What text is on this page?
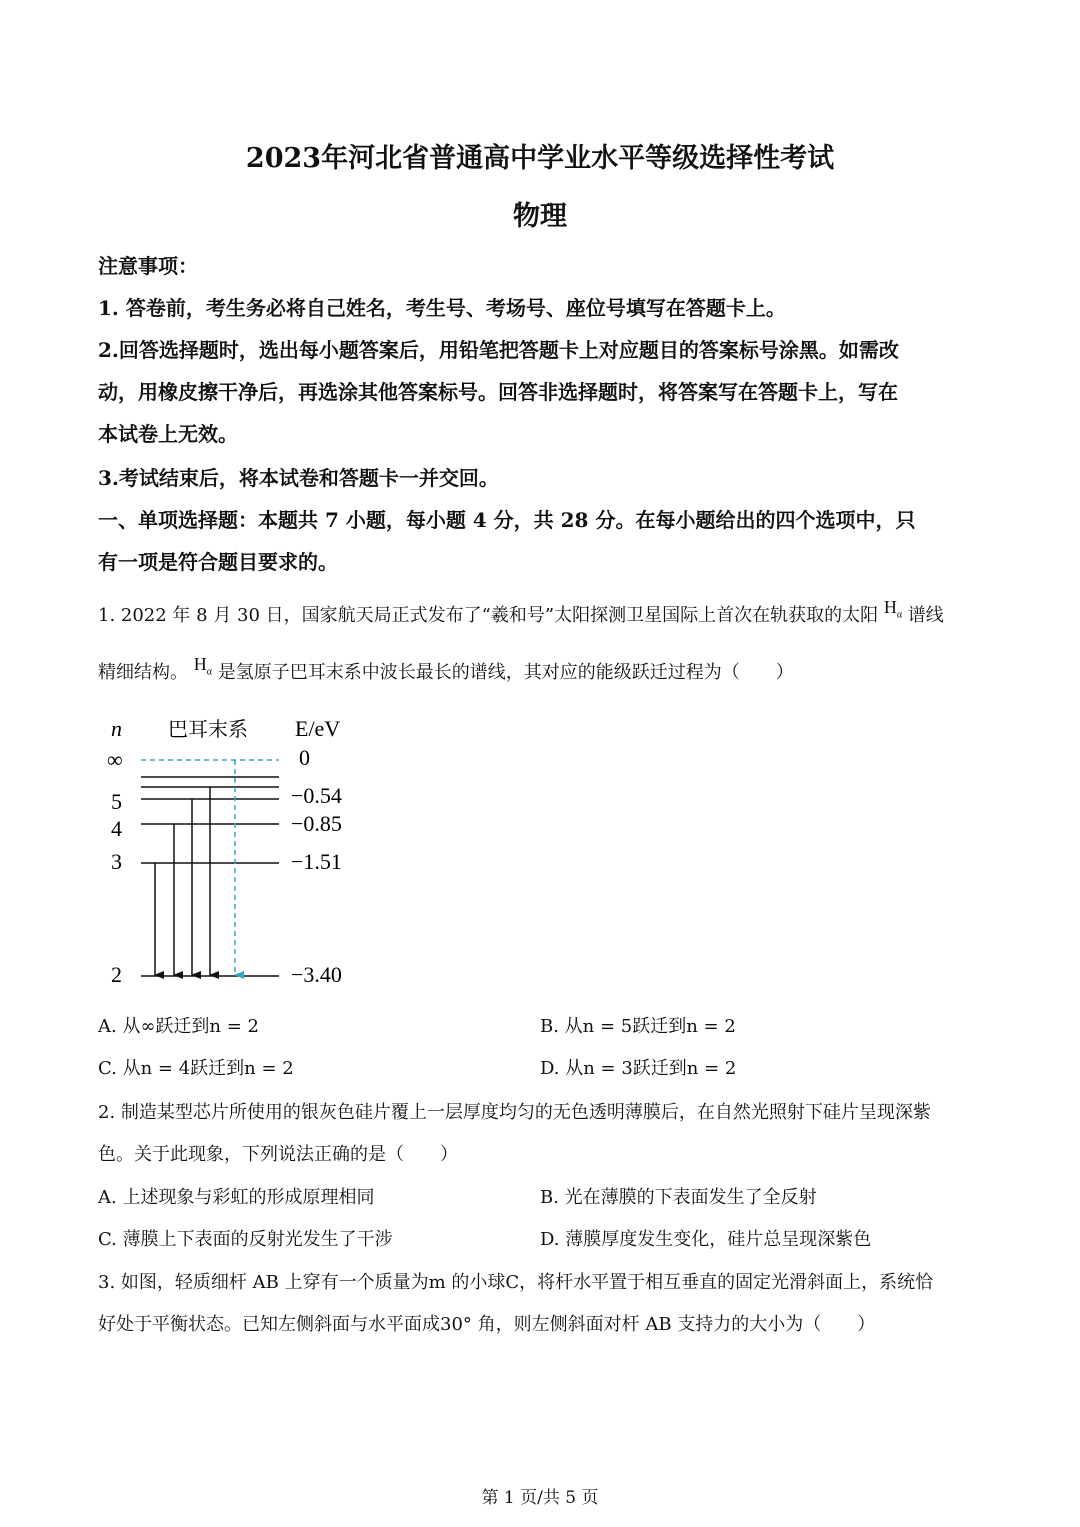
2023年河北省普通高中学业水平等级选择性考试
物理
注意事项：
1. 答卷前，考生务必将自己姓名，考生号、考场号、座位号填写在答题卡上。
2.回答选择题时，选出每小题答案后，用铅笔把答题卡上对应题目的答案标号涂黑。如需改
动，用橡皮擦干净后，再选涂其他答案标号。回答非选择题时，将答案写在答题卡上，写在
本试卷上无效。
3.考试结束后，将本试卷和答题卡一并交回。
一、单项选择题：本题共 7 小题，每小题 4 分，共 28 分。在每小题给出的四个选项中，只
有一项是符合题目要求的。
1. 2022 年 8 月 30 日，国家航天局正式发布了“羲和号”太阳探测卫星国际上首次在轨获取的太阳 $H_\alpha$ 谱线
精细结构。 $H_\alpha$ 是氢原子巴耳末系中波长最长的谱线，其对应的能级跃迁过程为（　　）
n 巴耳末系 E/eV
∞	0
5	−0.54
4	−0.85
3	−1.51
2	−3.40
A. 从∞跃迁到n = 2	B. 从n = 5跃迁到n = 2
C. 从n = 4跃迁到n = 2	D. 从n = 3跃迁到n = 2
2. 制造某型芯片所使用的银灰色硅片覆上一层厚度均匀的无色透明薄膜后，在自然光照射下硅片呈现深紫
色。关于此现象，下列说法正确的是（　　）
A. 上述现象与彩虹的形成原理相同	B. 光在薄膜的下表面发生了全反射
C. 薄膜上下表面的反射光发生了干涉	D. 薄膜厚度发生变化，硅片总呈现深紫色
3. 如图，轻质细杆 AB 上穿有一个质量为m 的小球C，将杆水平置于相互垂直的固定光滑斜面上，系统恰
好处于平衡状态。已知左侧斜面与水平面成30° 角，则左侧斜面对杆 AB 支持力的大小为（　　）
第 1 页/共 5 页
